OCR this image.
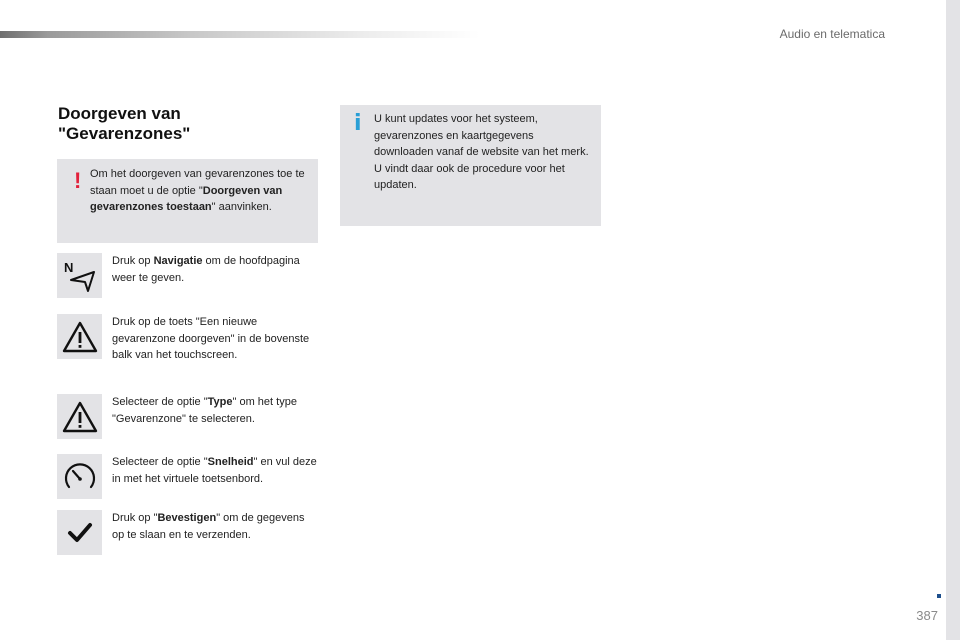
Audio en telematica
Doorgeven van
"Gevarenzones"
! Om het doorgeven van gevarenzones toe te staan moet u de optie "Doorgeven van gevarenzones toestaan" aanvinken.
i U kunt updates voor het systeem, gevarenzones en kaartgegevens downloaden vanaf de website van het merk.
U vindt daar ook de procedure voor het updaten.
N	Druk op Navigatie om de hoofdpagina weer te geven.
Druk op de toets "Een nieuwe gevarenzone doorgeven" in de bovenste balk van het touchscreen.
Selecteer de optie "Type" om het type "Gevarenzone" te selecteren.
Selecteer de optie "Snelheid" en vul deze in met het virtuele toetsenbord.
Druk op "Bevestigen" om de gegevens op te slaan en te verzenden.
387
